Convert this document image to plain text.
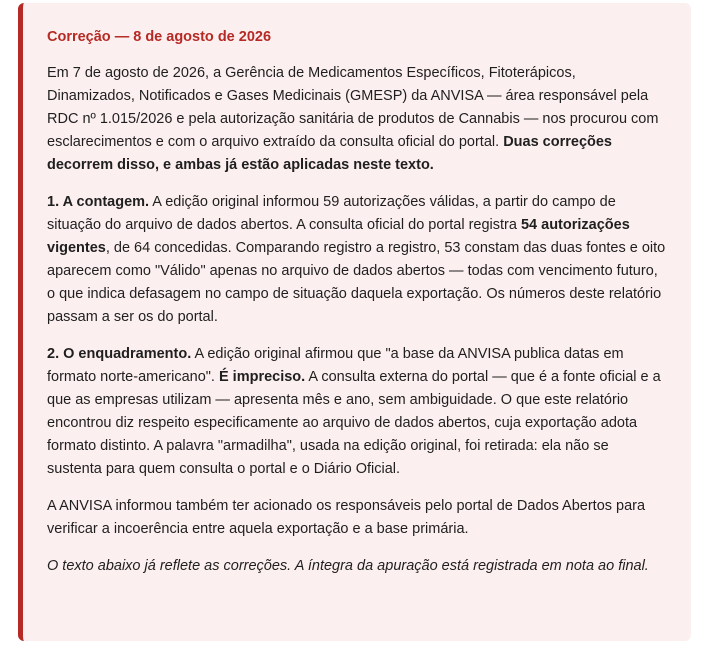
Correção — 8 de agosto de 2026

Em 7 de agosto de 2026, a Gerência de Medicamentos Específicos, Fitoterápicos, Dinamizados, Notificados e Gases Medicinais (GMESP) da ANVISA — área responsável pela RDC nº 1.015/2026 e pela autorização sanitária de produtos de Cannabis — nos procurou com esclarecimentos e com o arquivo extraído da consulta oficial do portal. Duas correções decorrem disso, e ambas já estão aplicadas neste texto.

1. A contagem. A edição original informou 59 autorizações válidas, a partir do campo de situação do arquivo de dados abertos. A consulta oficial do portal registra 54 autorizações vigentes, de 64 concedidas. Comparando registro a registro, 53 constam das duas fontes e oito aparecem como "Válido" apenas no arquivo de dados abertos — todas com vencimento futuro, o que indica defasagem no campo de situação daquela exportação. Os números deste relatório passam a ser os do portal.

2. O enquadramento. A edição original afirmou que "a base da ANVISA publica datas em formato norte-americano". É impreciso. A consulta externa do portal — que é a fonte oficial e a que as empresas utilizam — apresenta mês e ano, sem ambiguidade. O que este relatório encontrou diz respeito especificamente ao arquivo de dados abertos, cuja exportação adota formato distinto. A palavra "armadilha", usada na edição original, foi retirada: ela não se sustenta para quem consulta o portal e o Diário Oficial.

A ANVISA informou também ter acionado os responsáveis pelo portal de Dados Abertos para verificar a incoerência entre aquela exportação e a base primária.

O texto abaixo já reflete as correções. A íntegra da apuração está registrada em nota ao final.
